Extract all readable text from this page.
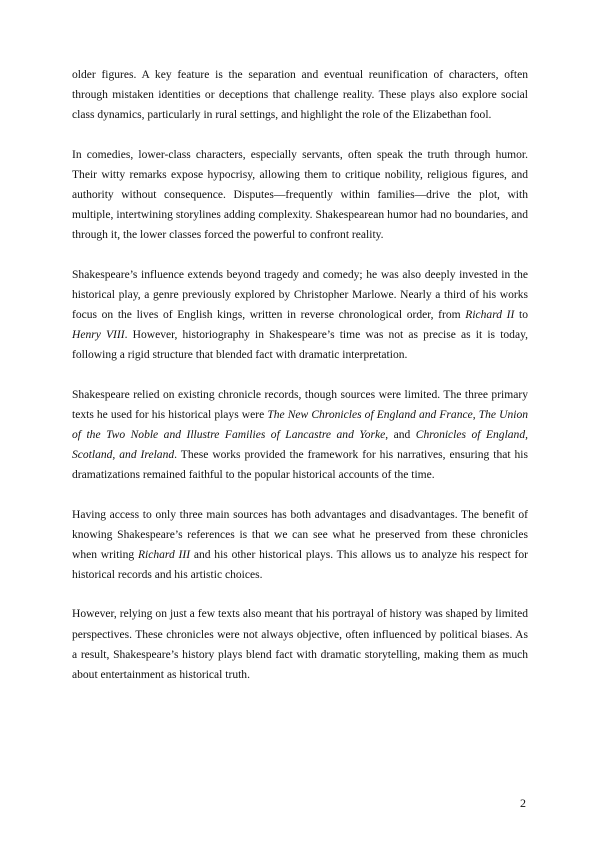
older figures. A key feature is the separation and eventual reunification of characters, often through mistaken identities or deceptions that challenge reality. These plays also explore social class dynamics, particularly in rural settings, and highlight the role of the Elizabethan fool.

In comedies, lower-class characters, especially servants, often speak the truth through humor. Their witty remarks expose hypocrisy, allowing them to critique nobility, religious figures, and authority without consequence. Disputes—frequently within families—drive the plot, with multiple, intertwining storylines adding complexity. Shakespearean humor had no boundaries, and through it, the lower classes forced the powerful to confront reality.

Shakespeare’s influence extends beyond tragedy and comedy; he was also deeply invested in the historical play, a genre previously explored by Christopher Marlowe. Nearly a third of his works focus on the lives of English kings, written in reverse chronological order, from Richard II to Henry VIII. However, historiography in Shakespeare’s time was not as precise as it is today, following a rigid structure that blended fact with dramatic interpretation.

Shakespeare relied on existing chronicle records, though sources were limited. The three primary texts he used for his historical plays were The New Chronicles of England and France, The Union of the Two Noble and Illustre Families of Lancastre and Yorke, and Chronicles of England, Scotland, and Ireland. These works provided the framework for his narratives, ensuring that his dramatizations remained faithful to the popular historical accounts of the time.

Having access to only three main sources has both advantages and disadvantages. The benefit of knowing Shakespeare’s references is that we can see what he preserved from these chronicles when writing Richard III and his other historical plays. This allows us to analyze his respect for historical records and his artistic choices.

However, relying on just a few texts also meant that his portrayal of history was shaped by limited perspectives. These chronicles were not always objective, often influenced by political biases. As a result, Shakespeare’s history plays blend fact with dramatic storytelling, making them as much about entertainment as historical truth.

2
